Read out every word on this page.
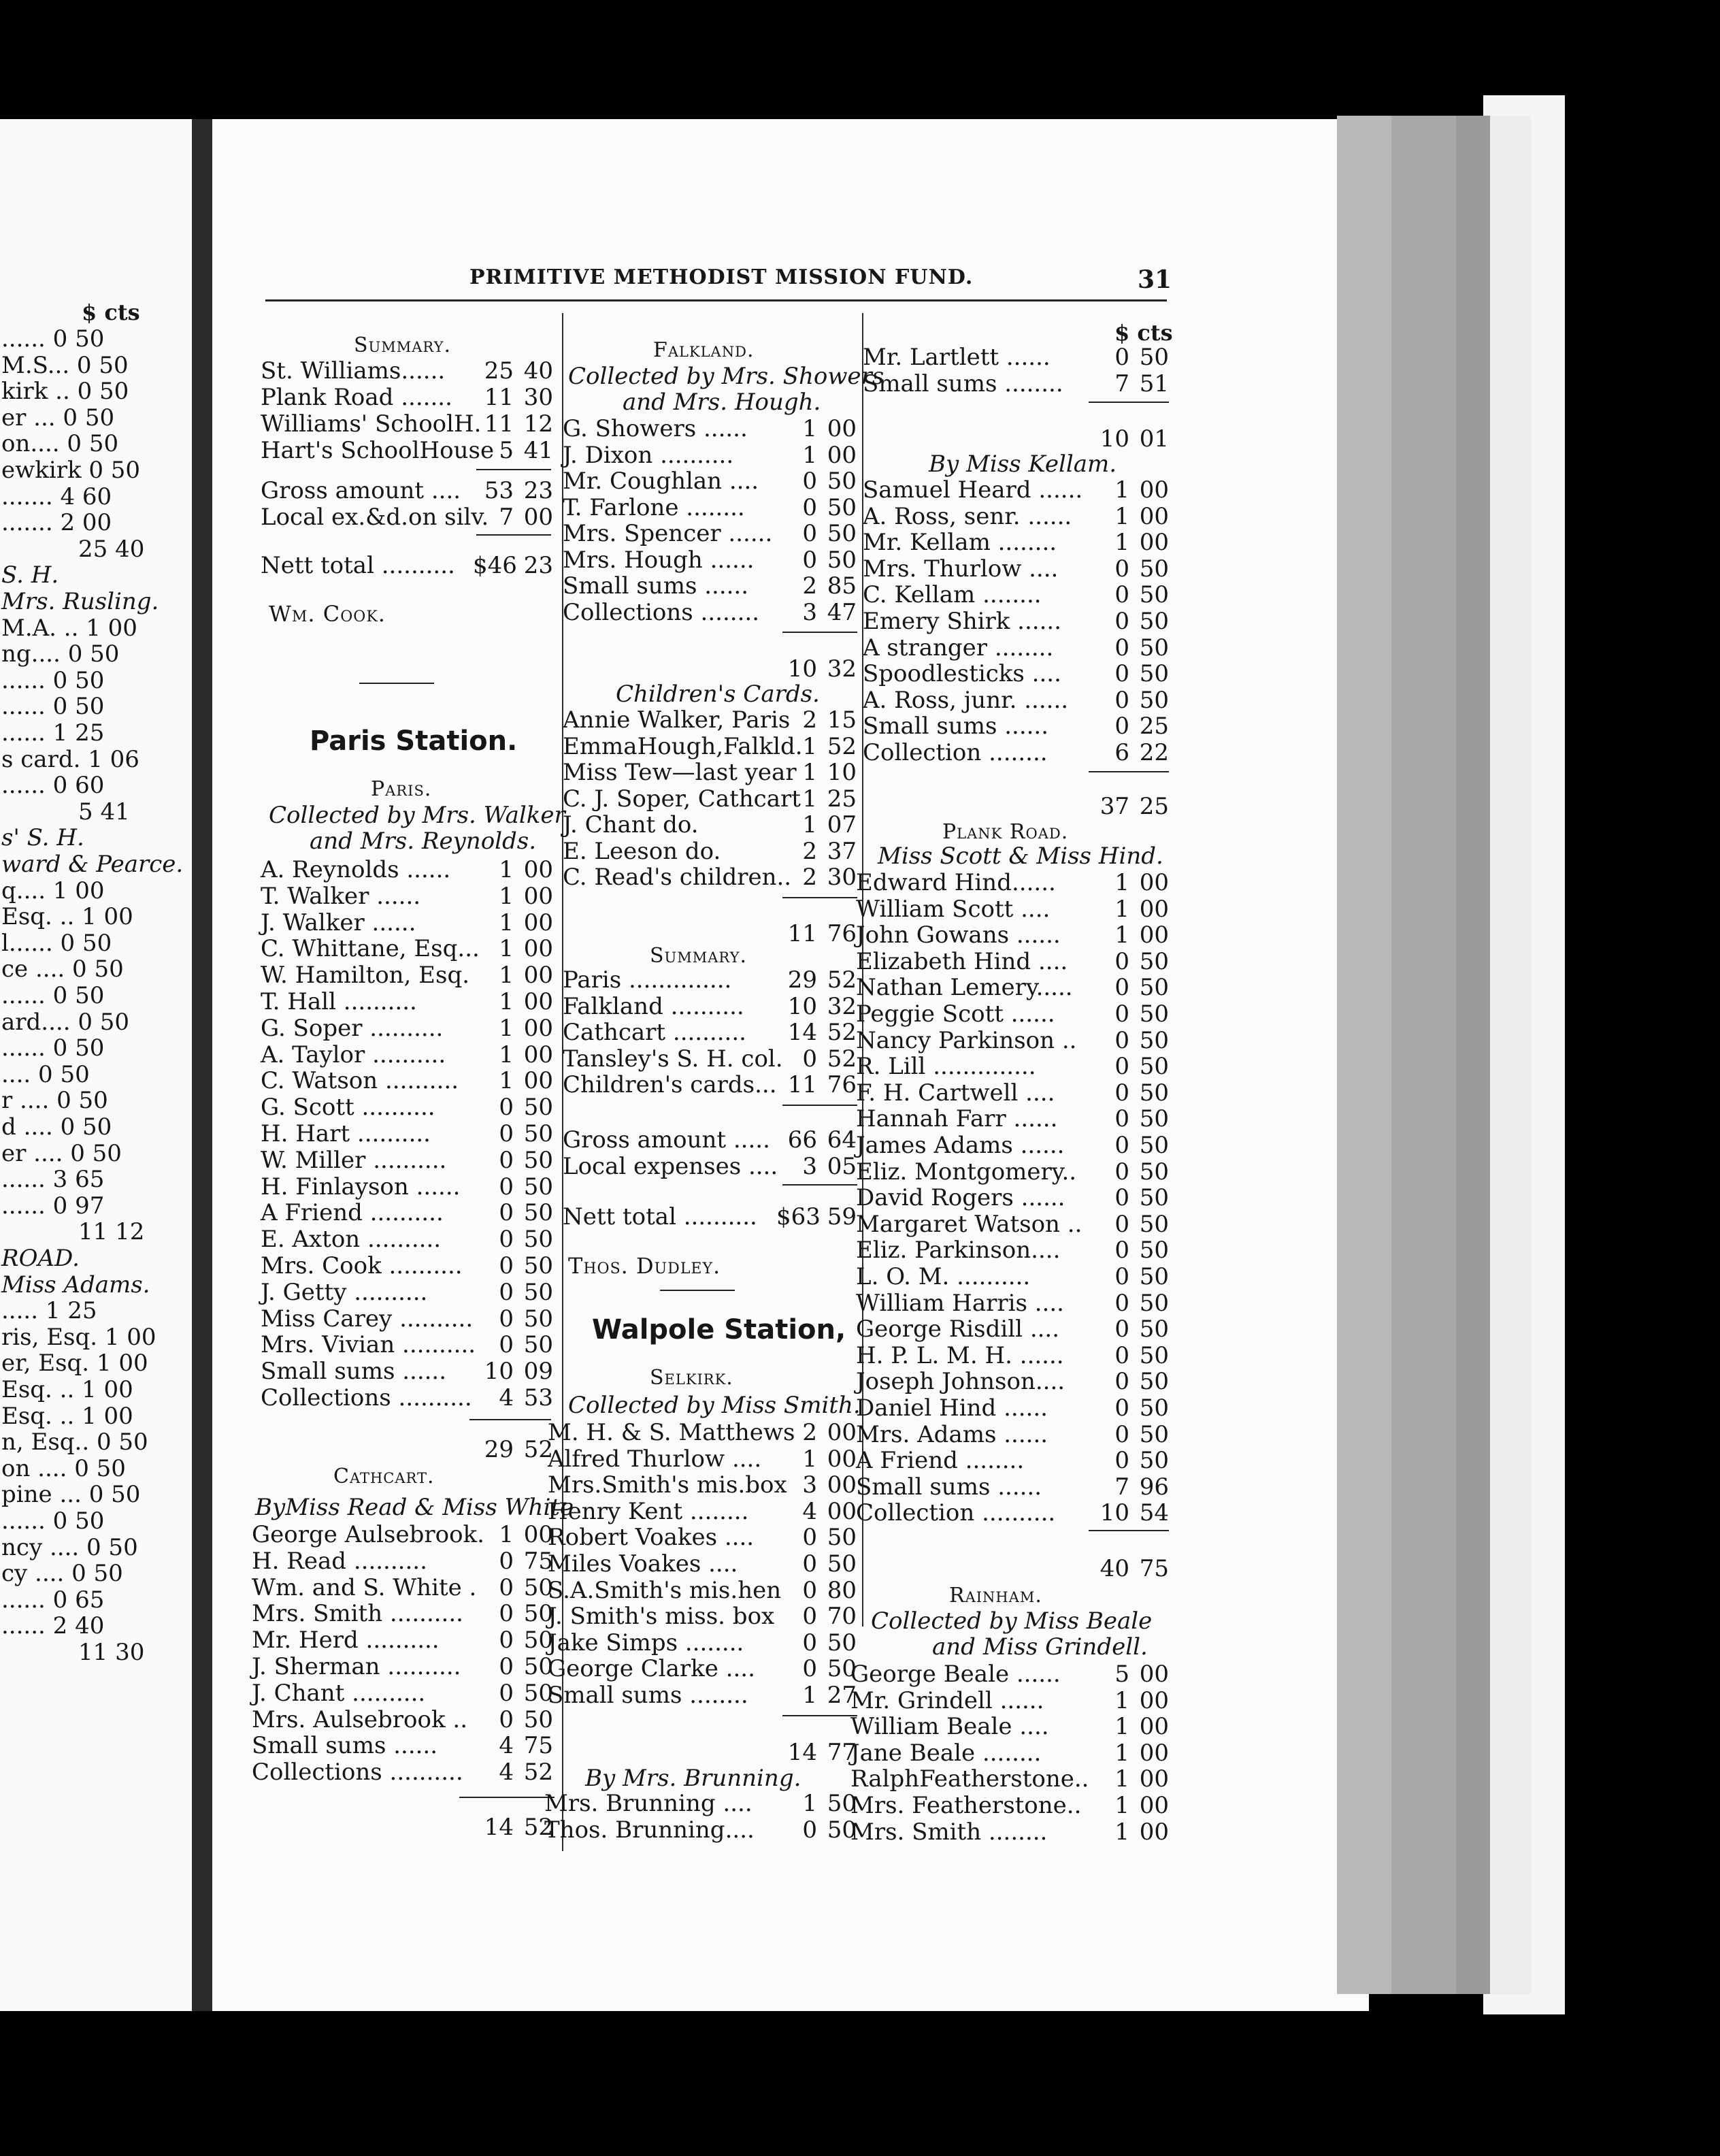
PRIMITIVE METHODIST MISSION FUND.	31
$ cts
...... 0 50
M.S... 0 50
kirk .. 0 50
er ... 0 50
on.... 0 50
ewkirk 0 50
....... 4 60
....... 2 00
25 40
S. H.
Mrs. Rusling.
M.A. .. 1 00
ng.... 0 50
...... 0 50
...... 0 50
...... 1 25
s card. 1 06
...... 0 60
5 41
s' S. H.
ward & Pearce.
q.... 1 00
Esq. .. 1 00
l...... 0 50
ce .... 0 50
...... 0 50
ard.... 0 50
...... 0 50
.... 0 50
r .... 0 50
d .... 0 50
er .... 0 50
...... 3 65
...... 0 97
11 12
ROAD.
Miss Adams.
..... 1 25
ris, Esq. 1 00
er, Esq. 1 00
Esq. .. 1 00
Esq. .. 1 00
n, Esq.. 0 50
on .... 0 50
pine ... 0 50
...... 0 50
ncy .... 0 50
cy .... 0 50
...... 0 65
...... 2 40
11 30
Summary.
St. Williams......	25 40
Plank Road .......	11 30
Williams' SchoolH. 11 12
Hart's SchoolHouse 5 41
Gross amount ....	53 23
Local ex.&d.on silv. 7 00
Nett total .......... $46 23
Wm. Cook.
Paris Station.
Paris.
Collected by Mrs. Walker
and Mrs. Reynolds.
A. Reynolds ......	1 00
T. Walker ......	1 00
J. Walker ......	1 00
C. Whittane, Esq... 1 00
W. Hamilton, Esq.	1 00
T. Hall ..........	1 00
G. Soper ..........	1 00
A. Taylor ..........	1 00
C. Watson ..........	1 00
G. Scott ..........	0 50
H. Hart ..........	0 50
W. Miller ..........	0 50
H. Finlayson ......	0 50
A Friend ..........	0 50
E. Axton ..........	0 50
Mrs. Cook ..........	0 50
J. Getty ..........	0 50
Miss Carey ..........	0 50
Mrs. Vivian ..........	0 50
Small sums ......	10 09
Collections ..........	4 53
29 52
Cathcart.
ByMiss Read & Miss White
George Aulsebrook. 1 00
H. Read ..........	0 75
Wm. and S. White . 0 50
Mrs. Smith ..........	0 50
Mr. Herd ..........	0 50
J. Sherman ..........	0 50
J. Chant ..........	0 50
Mrs. Aulsebrook ..	0 50
Small sums ......	4 75
Collections ..........	4 52
14 52
Falkland.
Collected by Mrs. Showers
and Mrs. Hough.
G. Showers ......	1 00
J. Dixon ..........	1 00
Mr. Coughlan ....	0 50
T. Farlone ........	0 50
Mrs. Spencer ......	0 50
Mrs. Hough ......	0 50
Small sums ......	2 85
Collections ........	3 47
10 32
Children's Cards.
Annie Walker, Paris 2 15
EmmaHough,Falkld. 1 52
Miss Tew—last year 1 10
C. J. Soper, Cathcart 1 25
J. Chant do.	1 07
E. Leeson do.	2 37
C. Read's children.. 2 30
11 76
Summary.
Paris ..............	29 52
Falkland ..........	10 32
Cathcart ..........	14 52
Tansley's S. H. col. 0 52
Children's cards... 11 76
Gross amount ..... 66 64
Local expenses ....	3 05
Nett total .......... $63 59
Thos. Dudley.
Walpole Station,
Selkirk.
Collected by Miss Smith.
M. H. & S. Matthews 2 00
Alfred Thurlow ....	1 00
Mrs.Smith's mis.box 3 00
Henry Kent ........	4 00
Robert Voakes ....	0 50
Miles Voakes ....	0 50
S.A.Smith's mis.hen 0 80
J. Smith's miss. box	0 70
Jake Simps ........	0 50
George Clarke ....	0 50
Small sums ........	1 27
14 77
By Mrs. Brunning.
Mrs. Brunning ....	1 50
Thos. Brunning....	0 50
$ cts
Mr. Lartlett ......	0 50
Small sums ........	7 51
10 01
By Miss Kellam.
Samuel Heard ......	1 00
A. Ross, senr. ......	1 00
Mr. Kellam ........	1 00
Mrs. Thurlow ....	0 50
C. Kellam ........	0 50
Emery Shirk ......	0 50
A stranger ........	0 50
Spoodlesticks ....	0 50
A. Ross, junr. ......	0 50
Small sums ......	0 25
Collection ........	6 22
37 25
Plank Road.
Miss Scott & Miss Hind.
Edward Hind......	1 00
William Scott ....	1 00
John Gowans ......	1 00
Elizabeth Hind ....	0 50
Nathan Lemery.....	0 50
Peggie Scott ......	0 50
Nancy Parkinson ..	0 50
R. Lill ..............	0 50
F. H. Cartwell ....	0 50
Hannah Farr ......	0 50
James Adams ......	0 50
Eliz. Montgomery..	0 50
David Rogers ......	0 50
Margaret Watson ..	0 50
Eliz. Parkinson....	0 50
L. O. M. ..........	0 50
William Harris ....	0 50
George Risdill ....	0 50
H. P. L. M. H. ......	0 50
Joseph Johnson....	0 50
Daniel Hind ......	0 50
Mrs. Adams ......	0 50
A Friend ........	0 50
Small sums ......	7 96
Collection ..........	10 54
40 75
Rainham.
Collected by Miss Beale
and Miss Grindell.
George Beale ......	5 00
Mr. Grindell ......	1 00
William Beale ....	1 00
Jane Beale ........	1 00
RalphFeatherstone..	1 00
Mrs. Featherstone..	1 00
Mrs. Smith ........	1 00
